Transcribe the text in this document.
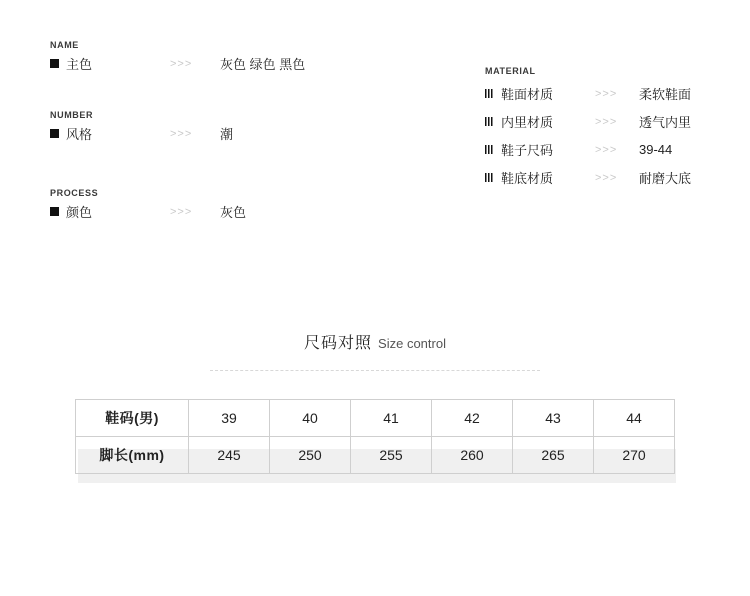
NAME
主色	>>>	灰色 绿色 黑色
NUMBER
风格	>>>	潮
PROCESS
颜色	>>>	灰色
MATERIAL
鞋面材质	>>>	柔软鞋面
内里材质	>>>	透气内里
鞋子尺码	>>>	39-44
鞋底材质	>>>	耐磨大底
尺码对照 Size control
鞋码(男)	39	40	41	42	43	44
脚长(mm)	245	250	255	260	265	270
